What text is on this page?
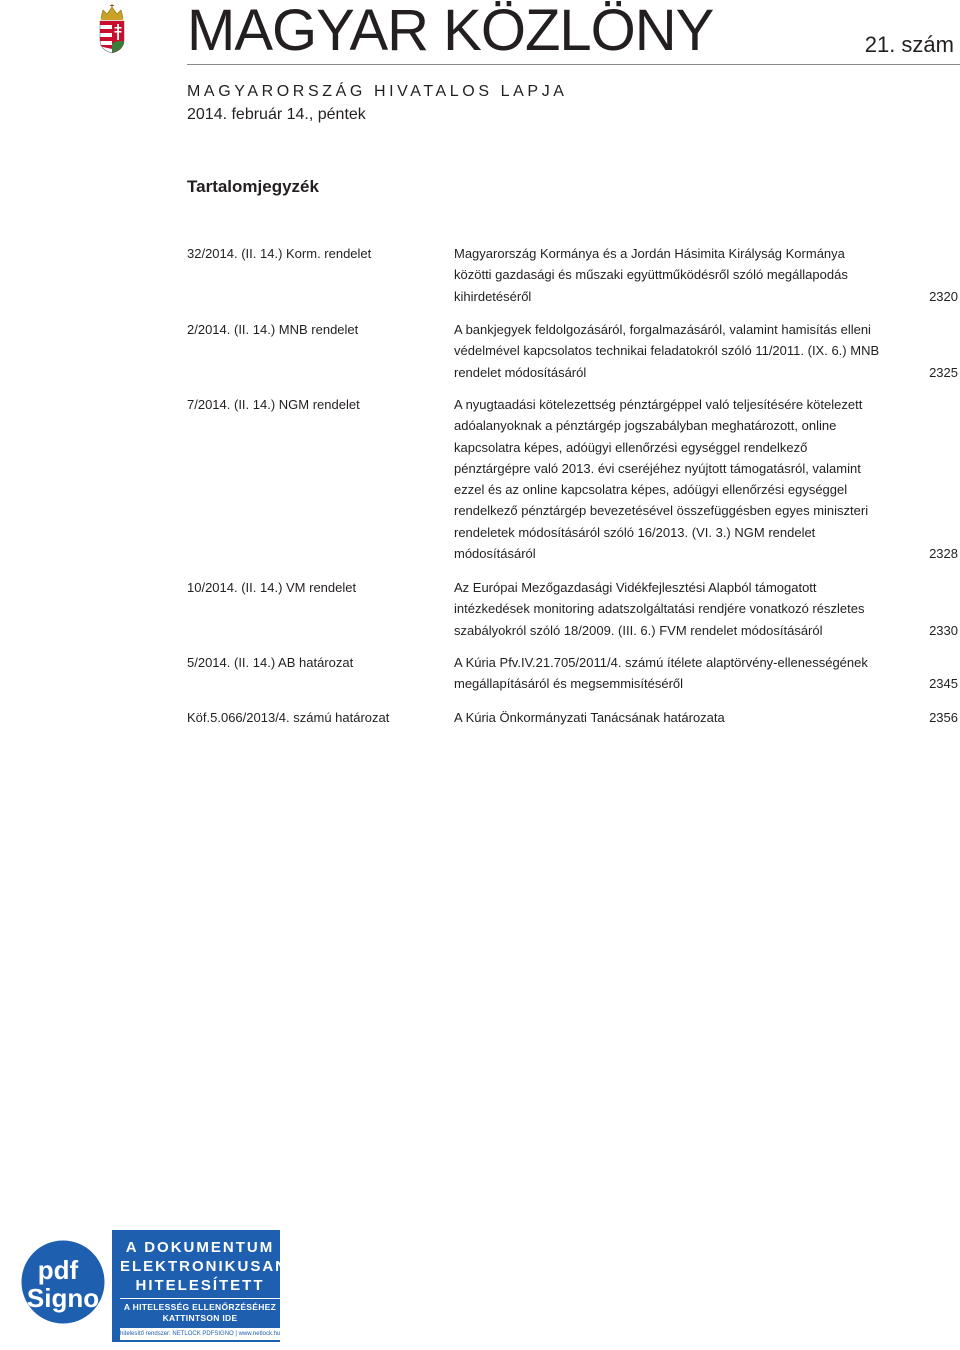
MAGYAR KÖZLÖNY	21. szám
MAGYARORSZÁG HIVATALOS LAPJA
2014. február 14., péntek
Tartalomjegyzék
32/2014. (II. 14.) Korm. rendelet	Magyarország Kormánya és a Jordán Hásimita Királyság Kormánya közötti gazdasági és műszaki együttműködésről szóló megállapodás kihirdetéséről	2320
2/2014. (II. 14.) MNB rendelet	A bankjegyek feldolgozásáról, forgalmazásáról, valamint hamisítás elleni védelmével kapcsolatos technikai feladatokról szóló 11/2011. (IX. 6.) MNB rendelet módosításáról	2325
7/2014. (II. 14.) NGM rendelet	A nyugtaadási kötelezettség pénztárgéppel való teljesítésére kötelezett adóalanyoknak a pénztárgép jogszabályban meghatározott, online kapcsolatra képes, adóügyi ellenőrzési egységgel rendelkező pénztárgépre való 2013. évi cseréjéhez nyújtott támogatásról, valamint ezzel és az online kapcsolatra képes, adóügyi ellenőrzési egységgel rendelkező pénztárgép bevezetésével összefüggésben egyes miniszteri rendeletek módosításáról szóló 16/2013. (VI. 3.) NGM rendelet módosításáról	2328
10/2014. (II. 14.) VM rendelet	Az Európai Mezőgazdasági Vidékfejlesztési Alapból támogatott intézkedések monitoring adatszolgáltatási rendjére vonatkozó részletes szabályokról szóló 18/2009. (III. 6.) FVM rendelet módosításáról	2330
5/2014. (II. 14.) AB határozat	A Kúria Pfv.IV.21.705/2011/4. számú ítélete alaptörvény-ellenességének megállapításáról és megsemmisítéséről	2345
Köf.5.066/2013/4. számú határozat	A Kúria Önkormányzati Tanácsának határozata	2356
pdf
Signo
A DOKUMENTUM
ELEKTRONIKUSAN
HITELESÍTETT
A HITELESSÉG ELLENŐRZÉSÉHEZ
KATTINTSON IDE
hitelesítő rendszer: NETLOCK PDFSIGNO | www.netlock.hu
